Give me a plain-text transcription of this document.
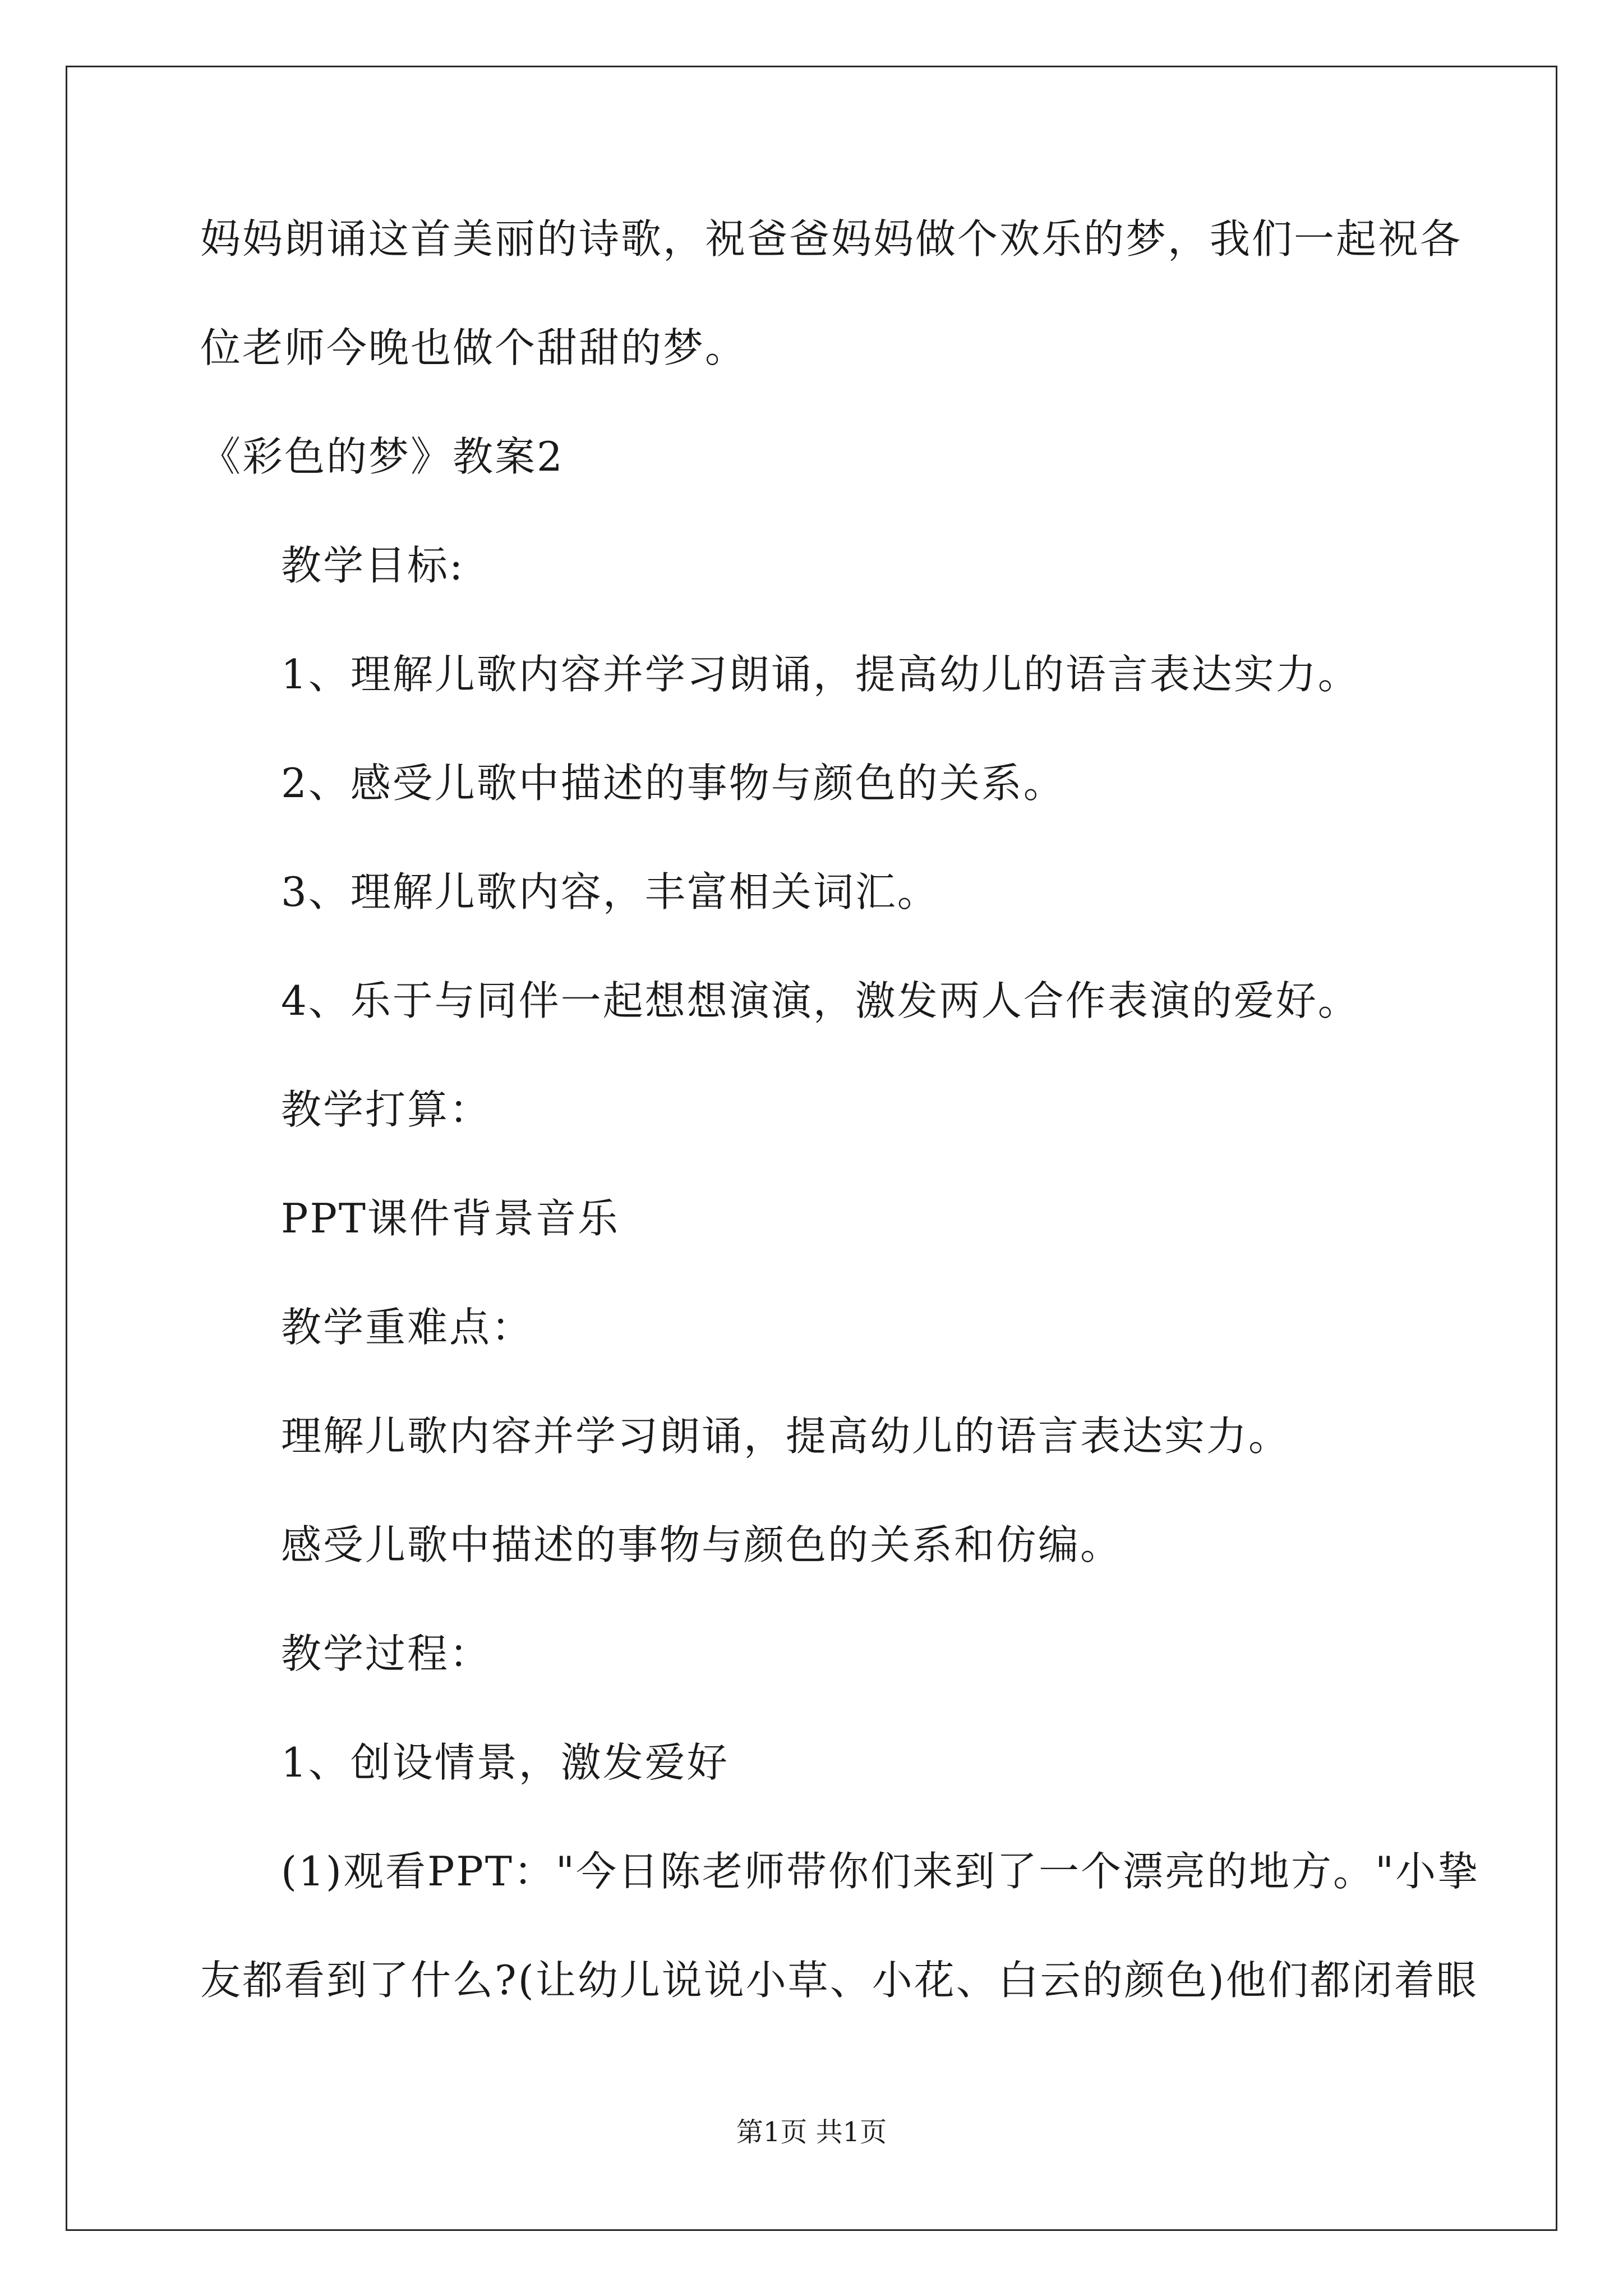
妈妈朗诵这首美丽的诗歌，祝爸爸妈妈做个欢乐的梦，我们一起祝各
位老师今晚也做个甜甜的梦。
《彩色的梦》教案2
教学目标:
1、理解儿歌内容并学习朗诵，提高幼儿的语言表达实力。
2、感受儿歌中描述的事物与颜色的关系。
3、理解儿歌内容，丰富相关词汇。
4、乐于与同伴一起想想演演，激发两人合作表演的爱好。
教学打算：
PPT课件背景音乐
教学重难点：
理解儿歌内容并学习朗诵，提高幼儿的语言表达实力。
感受儿歌中描述的事物与颜色的关系和仿编。
教学过程：
1、创设情景，激发爱好
(1)观看PPT："今日陈老师带你们来到了一个漂亮的地方。"小挚
友都看到了什么?(让幼儿说说小草、小花、白云的颜色)他们都闭着眼
第1页 共1页
